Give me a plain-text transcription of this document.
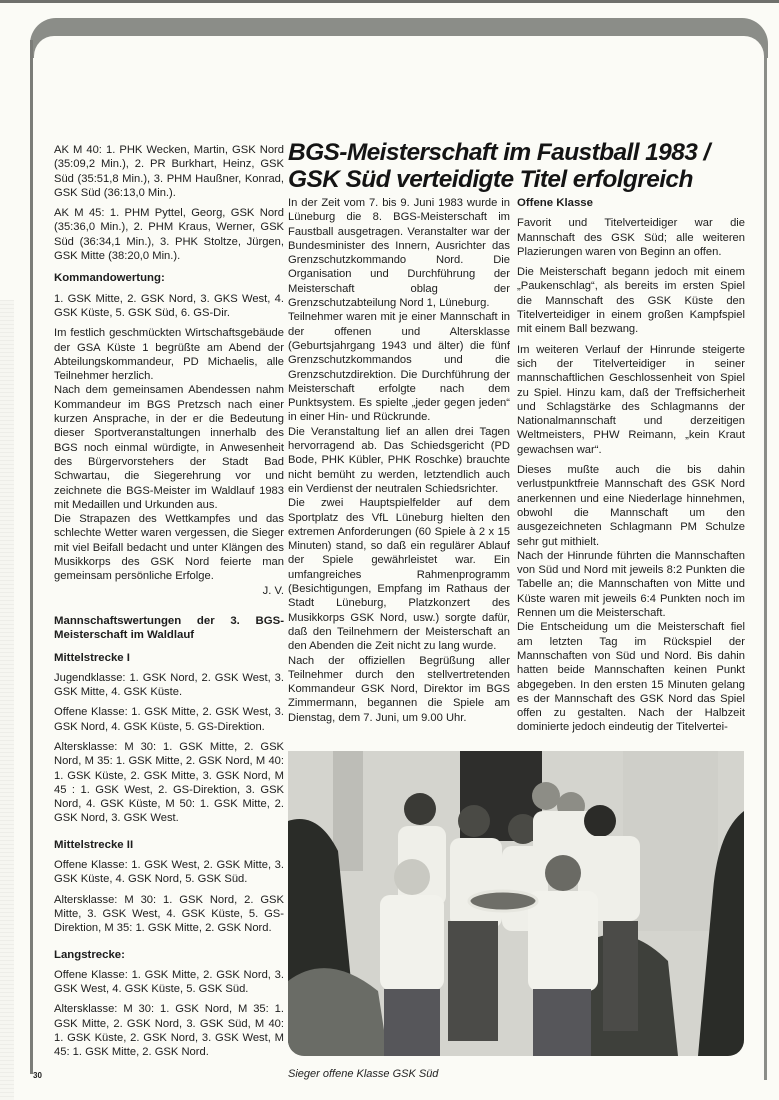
AK M 40: 1. PHK Wecken, Martin, GSK Nord (35:09,2 Min.), 2. PR Burkhart, Heinz, GSK Süd (35:51,8 Min.), 3. PHM Haußner, Konrad, GSK Süd (36:13,0 Min.).

AK M 45: 1. PHM Pyttel, Georg, GSK Nord (35:36,0 Min.), 2. PHM Kraus, Werner, GSK Süd (36:34,1 Min.), 3. PHK Stoltze, Jürgen, GSK Mitte (38:20,0 Min.).

Kommandowertung:

1. GSK Mitte, 2. GSK Nord, 3. GKS West, 4. GSK Küste, 5. GSK Süd, 6. GS-Dir.

Im festlich geschmückten Wirtschaftsgebäude der GSA Küste 1 begrüßte am Abend der Abteilungskommandeur, PD Michaelis, alle Teilnehmer herzlich.

Nach dem gemeinsamen Abendessen nahm Kommandeur im BGS Pretzsch nach einer kurzen Ansprache, in der er die Bedeutung dieser Sportveranstaltungen innerhalb des BGS noch einmal würdigte, in Anwesenheit des Bürgervorstehers der Stadt Bad Schwartau, die Siegerehrung vor und zeichnete die BGS-Meister im Waldlauf 1983 mit Medaillen und Urkunden aus.

Die Strapazen des Wettkampfes und das schlechte Wetter waren vergessen, die Sieger mit viel Beifall bedacht und unter Klängen des Musikkorps des GSK Nord feierte man gemeinsam persönliche Erfolge.

J. V.
Mannschaftswertungen der 3. BGS-Meisterschaft im Waldlauf
Mittelstrecke I

Jugendklasse: 1. GSK Nord, 2. GSK West, 3. GSK Mitte, 4. GSK Küste.

Offene Klasse: 1. GSK Mitte, 2. GSK West, 3. GSK Nord, 4. GSK Küste, 5. GS-Direktion.

Altersklasse: M 30: 1. GSK Mitte, 2. GSK Nord, M 35: 1. GSK Mitte, 2. GSK Nord, M 40: 1. GSK Küste, 2. GSK Mitte, 3. GSK Nord, M 45 : 1. GSK West, 2. GS-Direktion, 3. GSK Nord, 4. GSK Küste, M 50: 1. GSK Mitte, 2. GSK Nord, 3. GSK West.

Mittelstrecke II

Offene Klasse: 1. GSK West, 2. GSK Mitte, 3. GSK Küste, 4. GSK Nord, 5. GSK Süd.

Altersklasse: M 30: 1. GSK Nord, 2. GSK Mitte, 3. GSK West, 4. GSK Küste, 5. GS-Direktion, M 35: 1. GSK Mitte, 2. GSK Nord.

Langstrecke:

Offene Klasse: 1. GSK Mitte, 2. GSK Nord, 3. GSK West, 4. GSK Küste, 5. GSK Süd.

Altersklasse: M 30: 1. GSK Nord, M 35: 1. GSK Mitte, 2. GSK Nord, 3. GSK Süd, M 40: 1. GSK Küste, 2. GSK Nord, 3. GSK West, M 45: 1. GSK Mitte, 2. GSK Nord.

30
BGS-Meisterschaft im Faustball 1983 /
GSK Süd verteidigte Titel erfolgreich

In der Zeit vom 7. bis 9. Juni 1983 wurde in Lüneburg die 8. BGS-Meisterschaft im Faustball ausgetragen. Veranstalter war der Bundesminister des Innern, Ausrichter das Grenzschutzkommando Nord. Die Organisation und Durchführung der Meisterschaft oblag der Grenzschutzabteilung Nord 1, Lüneburg.

Teilnehmer waren mit je einer Mannschaft in der offenen und Altersklasse (Geburtsjahrgang 1943 und älter) die fünf Grenzschutzkommandos und die Grenzschutzdirektion. Die Durchführung der Meisterschaft erfolgte nach dem Punktsystem. Es spielte „jeder gegen jeden“ in einer Hin- und Rückrunde.

Die Veranstaltung lief an allen drei Tagen hervorragend ab. Das Schiedsgericht (PD Bode, PHK Kübler, PHK Roschke) brauchte nicht bemüht zu werden, letztendlich auch ein Verdienst der neutralen Schiedsrichter.

Die zwei Hauptspielfelder auf dem Sportplatz des VfL Lüneburg hielten den extremen Anforderungen (60 Spiele à 2 x 15 Minuten) stand, so daß ein regulärer Ablauf der Spiele gewährleistet war. Ein umfangreiches Rahmenprogramm (Besichtigungen, Empfang im Rathaus der Stadt Lüneburg, Platzkonzert des Musikkorps GSK Nord, usw.) sorgte dafür, daß den Teilnehmern der Meisterschaft an den Abenden die Zeit nicht zu lang wurde.

Nach der offiziellen Begrüßung aller Teilnehmer durch den stellvertretenden Kommandeur GSK Nord, Direktor im BGS Zimmermann, begannen die Spiele am Dienstag, dem 7. Juni, um 9.00 Uhr.

Offene Klasse

Favorit und Titelverteidiger war die Mannschaft des GSK Süd; alle weiteren Plazierungen waren von Beginn an offen.

Die Meisterschaft begann jedoch mit einem „Paukenschlag“, als bereits im ersten Spiel die Mannschaft des GSK Küste den Titelverteidiger in einem großen Kampfspiel mit einem Ball bezwang.

Im weiteren Verlauf der Hinrunde steigerte sich der Titelverteidiger in seiner mannschaftlichen Geschlossenheit von Spiel zu Spiel. Hinzu kam, daß der Treffsicherheit und Schlagstärke des Schlagmanns der Nationalmannschaft und derzeitigen Weltmeisters, PHW Reimann, „kein Kraut gewachsen war“.

Dieses mußte auch die bis dahin verlustpunktfreie Mannschaft des GSK Nord anerkennen und eine Niederlage hinnehmen, obwohl die Mannschaft um den ausgezeichneten Schlagmann PM Schulze sehr gut mithielt.

Nach der Hinrunde führten die Mannschaften von Süd und Nord mit jeweils 8:2 Punkten die Tabelle an; die Mannschaften von Mitte und Küste waren mit jeweils 6:4 Punkten noch im Rennen um die Meisterschaft.

Die Entscheidung um die Meisterschaft fiel am letzten Tag im Rückspiel der Mannschaften von Süd und Nord. Bis dahin hatten beide Mannschaften keinen Punkt abgegeben. In den ersten 15 Minuten gelang es der Mannschaft des GSK Nord das Spiel offen zu gestalten. Nach der Halbzeit dominierte jedoch eindeutig der Titelvertei-

Sieger offene Klasse GSK Süd
